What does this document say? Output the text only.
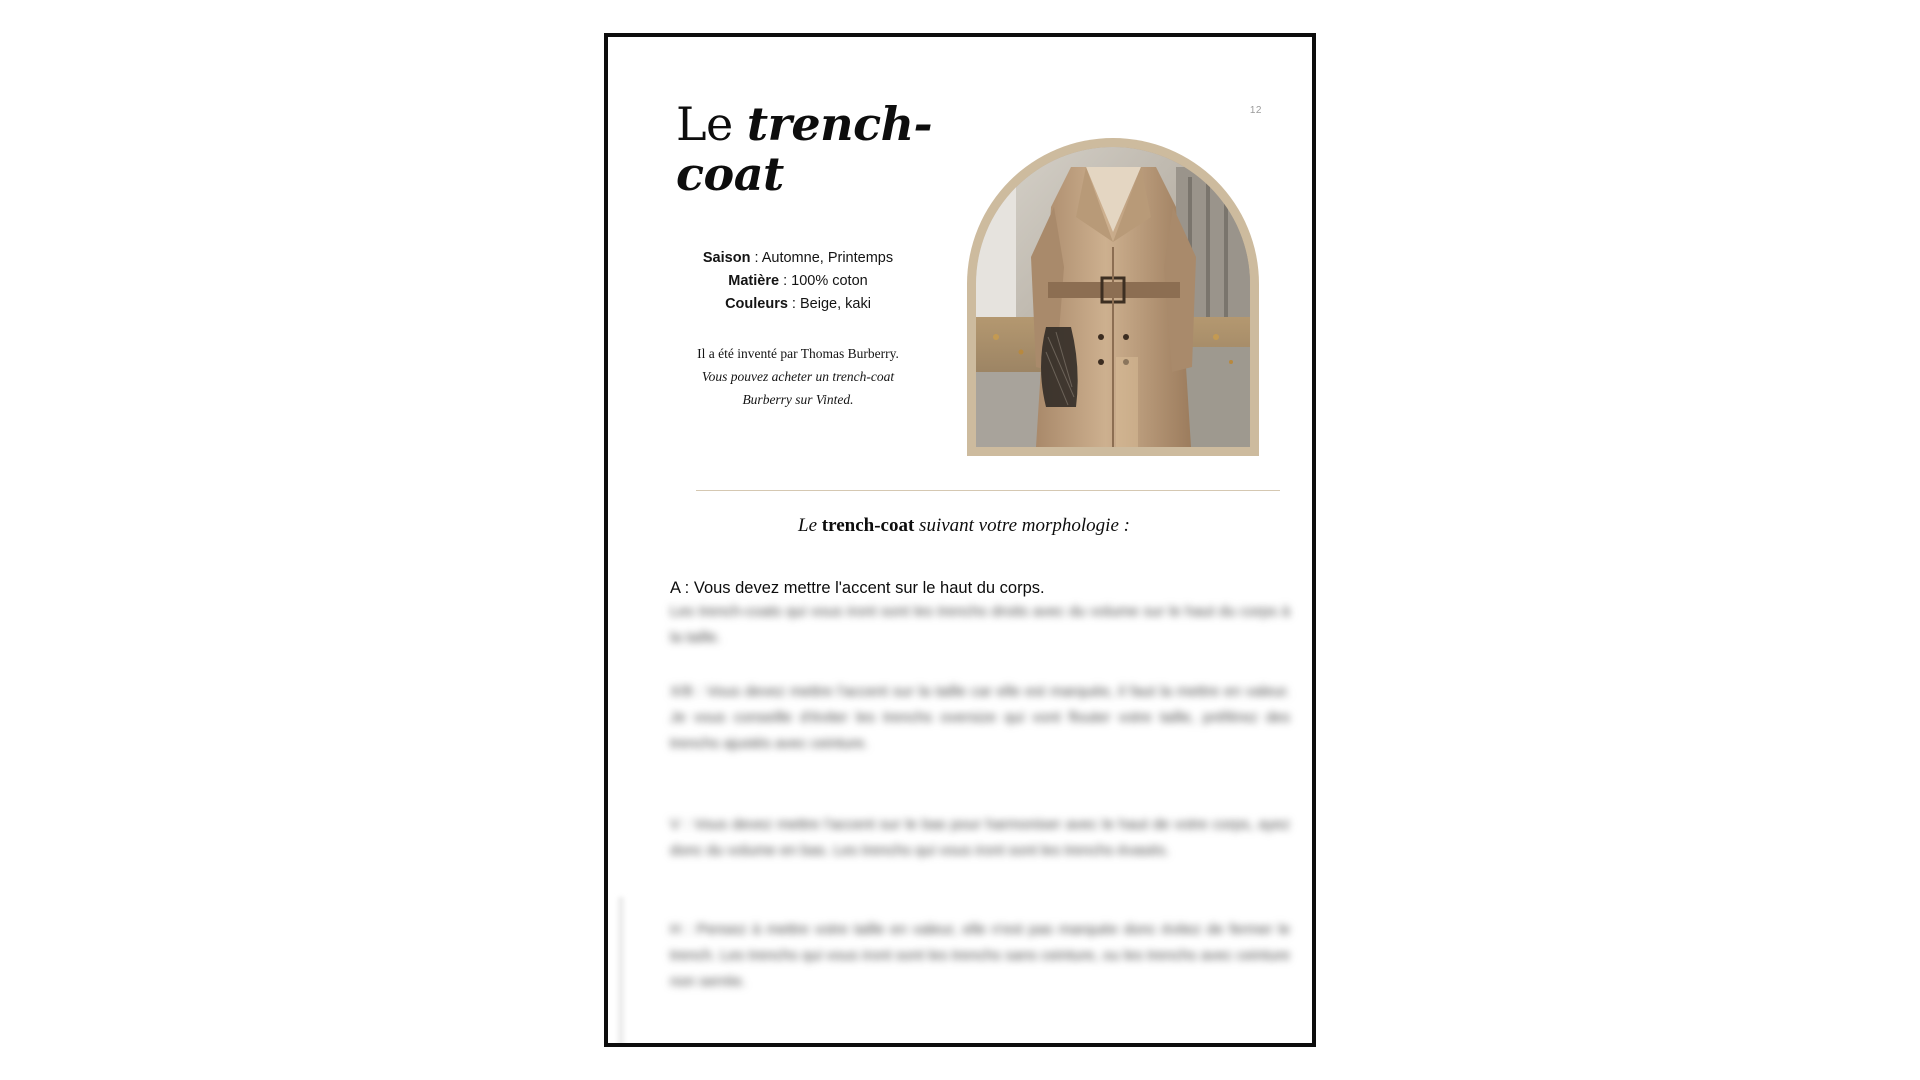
12
Le trench-coat
Saison : Automne, Printemps
Matière : 100% coton
Couleurs : Beige, kaki
Il a été inventé par Thomas Burberry.
Vous pouvez acheter un trench-coat
Burberry sur Vinted.
Le trench-coat suivant votre morphologie :
A : Vous devez mettre l'accent sur le haut du corps.
Les trench-coats qui vous iront sont les trenchs droits avec du volume sur le haut du corps à la taille.
X/8 : Vous devez mettre l'accent sur la taille car elle est marquée, il faut la mettre en valeur. Je vous conseille d'éviter les trenchs oversize qui vont flouter votre taille, préférez des trenchs ajustés avec ceinture.
V : Vous devez mettre l'accent sur le bas pour harmoniser avec le haut de votre corps, ayez donc du volume en bas. Les trenchs qui vous iront sont les trenchs évasés.
H : Pensez à mettre votre taille en valeur, elle n'est pas marquée donc évitez de fermer le trench. Les trenchs qui vous iront sont les trenchs sans ceinture, ou les trenchs avec ceinture non serrée.
